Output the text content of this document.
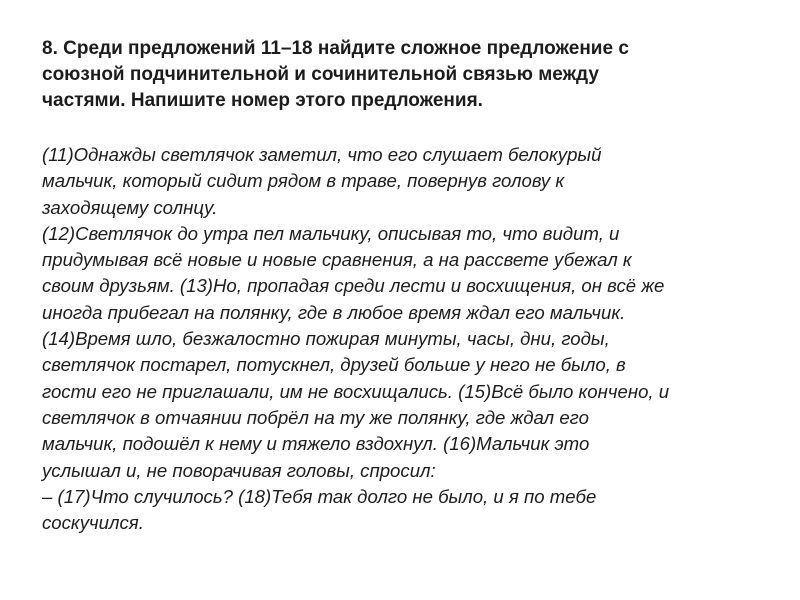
8. Среди предложений 11–18 найдите сложное предложение с

союзной подчинительной и сочинительной связью между

частями. Напишите номер этого предложения.

(11)Однажды светлячок заметил, что его слушает белокурый

мальчик, который сидит рядом в траве, повернув голову к

заходящему солнцу.

(12)Светлячок до утра пел мальчику, описывая то, что видит, и

придумывая всё новые и новые сравнения, а на рассвете убежал к

своим друзьям. (13)Но, пропадая среди лести и восхищения, он всё же

иногда прибегал на полянку, где в любое время ждал его мальчик.

(14)Время шло, безжалостно пожирая минуты, часы, дни, годы,

светлячок постарел, потускнел, друзей больше у него не было, в

гости его не приглашали, им не восхищались. (15)Всё было кончено, и

светлячок в отчаянии побрёл на ту же полянку, где ждал его

мальчик, подошёл к нему и тяжело вздохнул. (16)Мальчик это

услышал и, не поворачивая головы, спросил:

– (17)Что случилось? (18)Тебя так долго не было, и я по тебе

соскучился.
